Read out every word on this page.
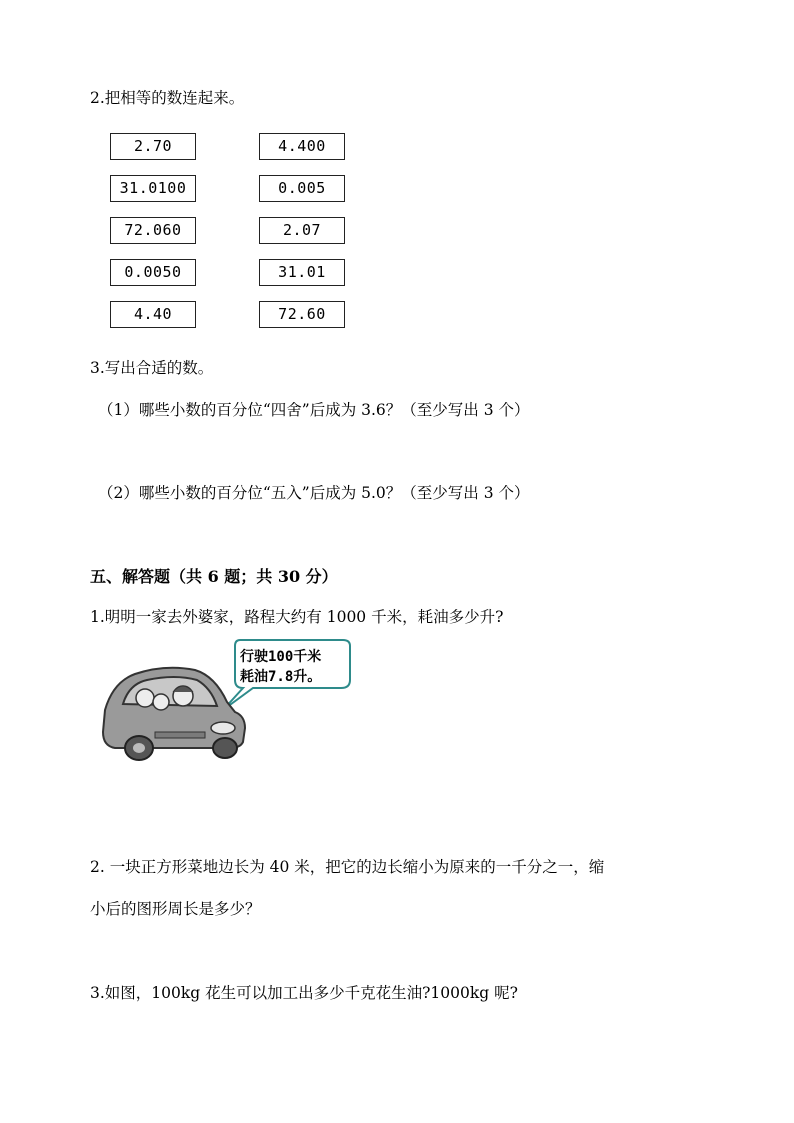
2.把相等的数连起来。
2.70
31.0100
72.060
0.0050
4.40
4.400
0.005
2.07
31.01
72.60
3.写出合适的数。
（1）哪些小数的百分位“四舍”后成为 3.6？（至少写出 3 个）
（2）哪些小数的百分位“五入”后成为 5.0？（至少写出 3 个）
五、解答题（共 6 题；共 30 分）
1.明明一家去外婆家，路程大约有 1000 千米，耗油多少升?
行驶100千米
耗油7.8升。
2. 一块正方形菜地边长为 40 米，把它的边长缩小为原来的一千分之一，缩
小后的图形周长是多少？
3.如图，100kg 花生可以加工出多少千克花生油?1000kg 呢?
